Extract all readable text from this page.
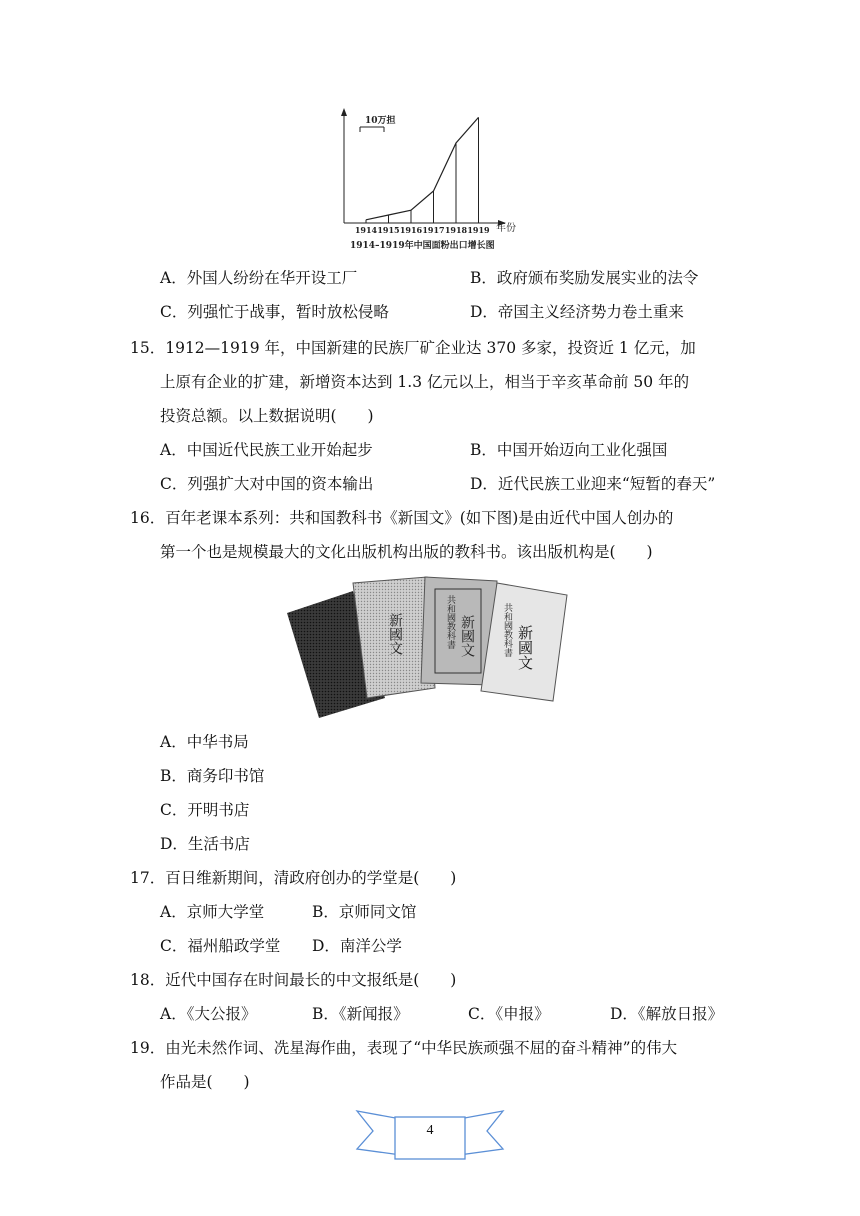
年份
10万担
1914 1915 1916 1917 1918 1919
1914–1919年中国面粉出口增长图
A．外国人纷纷在华开设工厂	B．政府颁布奖励发展实业的法令
C．列强忙于战事，暂时放松侵略	D．帝国主义经济势力卷土重来
15．1912—1919 年，中国新建的民族厂矿企业达 370 多家，投资近 1 亿元，加
上原有企业的扩建，新增资本达到 1.3 亿元以上，相当于辛亥革命前 50 年的
投资总额。以上数据说明(　　)
A．中国近代民族工业开始起步	B．中国开始迈向工业化强国
C．列强扩大对中国的资本输出	D．近代民族工业迎来“短暂的春天”
16．百年老课本系列：共和国教科书《新国文》(如下图)是由近代中国人创办的
第一个也是规模最大的文化出版机构出版的教科书。该出版机构是(　　)
新國文	共和國教科書 新國文	共和國教科書 新國文
A．中华书局
B．商务印书馆
C．开明书店
D．生活书店
17．百日维新期间，清政府创办的学堂是(　　)
A．京师大学堂	B．京师同文馆
C．福州船政学堂 D．南洋公学
18．近代中国存在时间最长的中文报纸是(　　)
A．《大公报》	B．《新闻报》	C．《申报》	D．《解放日报》
19．由光未然作词、冼星海作曲，表现了“中华民族顽强不屈的奋斗精神”的伟大
作品是(　　)
4
